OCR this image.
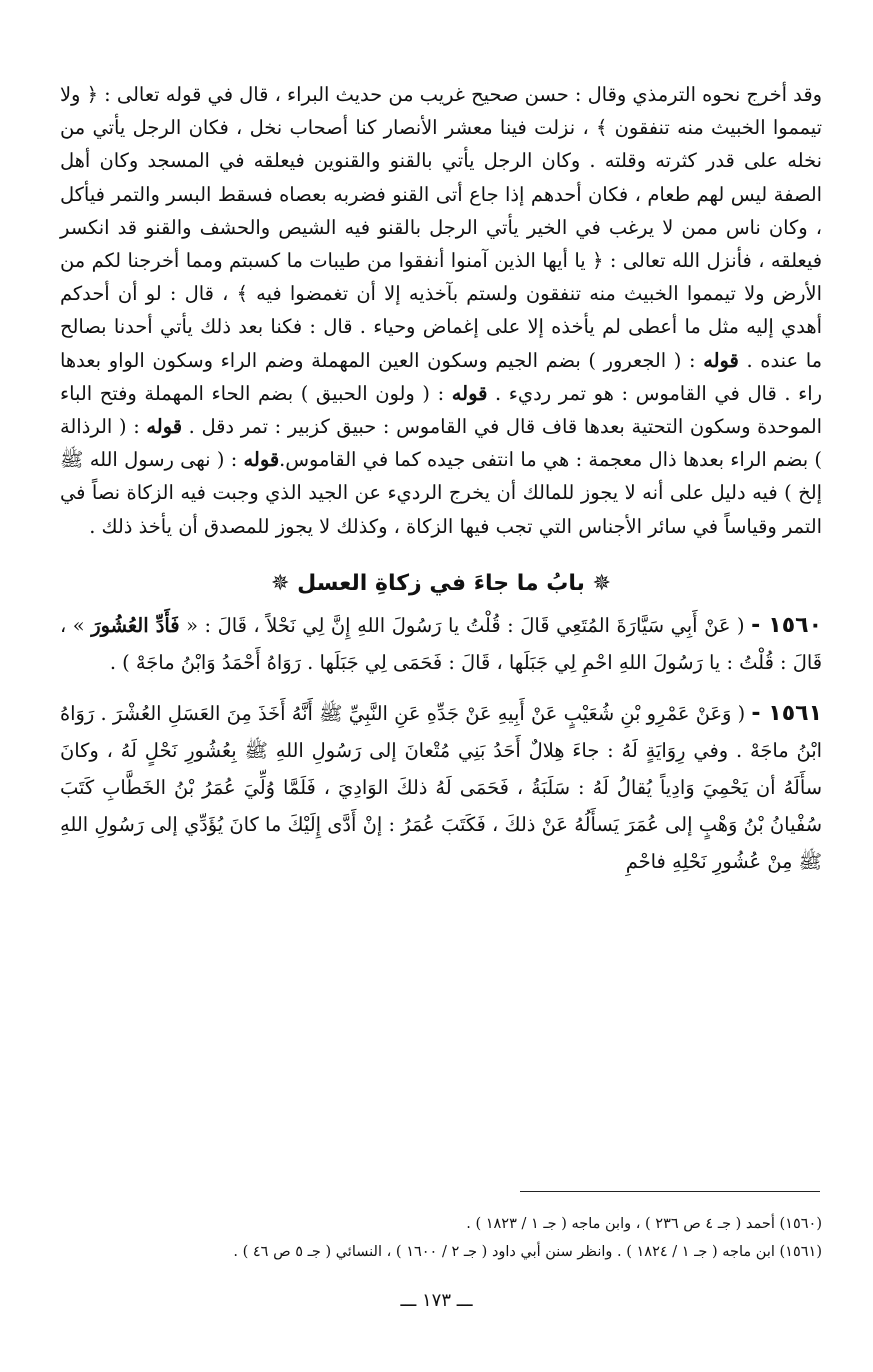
وقد أخرج نحوه الترمذي وقال : حسن صحيح غريب من حديث البراء ، قال في قوله تعالى : ﴿ ولا تيمموا الخبيث منه تنفقون ﴾ ، نزلت فينا معشر الأنصار كنا أصحاب نخل ، فكان الرجل يأتي من نخله على قدر كثرته وقلته . وكان الرجل يأتي بالقنو والقنوين فيعلقه في المسجد وكان أهل الصفة ليس لهم طعام ، فكان أحدهم إذا جاع أتى القنو فضربه بعصاه فسقط البسر والتمر فيأكل ، وكان ناس ممن لا يرغب في الخير يأتي الرجل بالقنو فيه الشيص والحشف والقنو قد انكسر فيعلقه ، فأنزل الله تعالى : ﴿ يا أيها الذين آمنوا أنفقوا من طيبات ما كسبتم ومما أخرجنا لكم من الأرض ولا تيمموا الخبيث منه تنفقون ولستم بآخذيه إلا أن تغمضوا فيه ﴾ ، قال : لو أن أحدكم أهدي إليه مثل ما أعطى لم يأخذه إلا على إغماض وحياء . قال : فكنا بعد ذلك يأتي أحدنا بصالح ما عنده . قوله : ( الجعرور ) بضم الجيم وسكون العين المهملة وضم الراء وسكون الواو بعدها راء . قال في القاموس : هو تمر رديء . قوله : ( ولون الحبيق ) بضم الحاء المهملة وفتح الباء الموحدة وسكون التحتية بعدها قاف قال في القاموس : حبيق كزبير : تمر دقل . قوله : ( الرذالة ) بضم الراء بعدها ذال معجمة : هي ما انتفى جيده كما في القاموس.قوله : ( نهى رسول الله ﷺ إلخ ) فيه دليل على أنه لا يجوز للمالك أن يخرج الرديء عن الجيد الذي وجبت فيه الزكاة نصاً في التمر وقياساً في سائر الأجناس التي تجب فيها الزكاة ، وكذلك لا يجوز للمصدق أن يأخذ ذلك .

✵ بابُ ما جاءَ في زكاةِ العسل ✵

١٥٦٠ - ( عَنْ أَبِي سَيَّارَةَ المُتَعِي قَالَ : قُلْتُ يا رَسُولَ اللهِ إِنَّ لِي نَحْلاً ، قَالَ : « فَأَدِّ العُشُورَ » ، قَالَ : قُلْتُ : يا رَسُولَ اللهِ احْمِ لِي جَبَلَها ، قَالَ : فَحَمَى لِي جَبَلَها . رَوَاهُ أَحْمَدُ وَابْنُ ماجَهْ ) .

١٥٦١ - ( وَعَنْ عَمْرِو بْنِ شُعَيْبٍ عَنْ أَبِيهِ عَنْ جَدِّهِ عَنِ النَّبِيِّ ﷺ أَنَّهُ أَخَذَ مِنَ العَسَلِ العُشْرَ . رَوَاهُ ابْنُ ماجَهْ . وفي رِوَايَةٍ لَهُ : جاءَ هِلالٌ أَحَدُ بَنِي مُتْعانَ إلى رَسُولِ اللهِ ﷺ بِعُشُورِ نَحْلٍ لَهُ ، وكانَ سأَلَهُ أن يَحْمِيَ وَادِياً يُقالُ لَهُ : سَلَبَةُ ، فَحَمَى لَهُ ذلكَ الوَادِيَ ، فَلَمَّا وُلِّيَ عُمَرُ بْنُ الخَطَّابِ كَتَبَ سُفْيانُ بْنُ وَهْبٍ إلى عُمَرَ يَسأَلُهُ عَنْ ذلكَ ، فَكَتَبَ عُمَرُ : إنْ أَدَّى إِلَيْكَ ما كانَ يُؤَدِّي إلى رَسُولِ اللهِ ﷺ مِنْ عُشُورِ نَحْلِهِ فاحْمِ

(١٥٦٠) أحمد ( جـ ٤ ص ٢٣٦ ) ، وابن ماجه ( جـ ١ / ١٨٢٣ ) .

(١٥٦١) ابن ماجه ( جـ ١ / ١٨٢٤ ) . وانظر سنن أبي داود ( جـ ٢ / ١٦٠٠ ) ، النسائي ( جـ ٥ ص ٤٦ ) .

ـــ ١٧٣ ـــ
